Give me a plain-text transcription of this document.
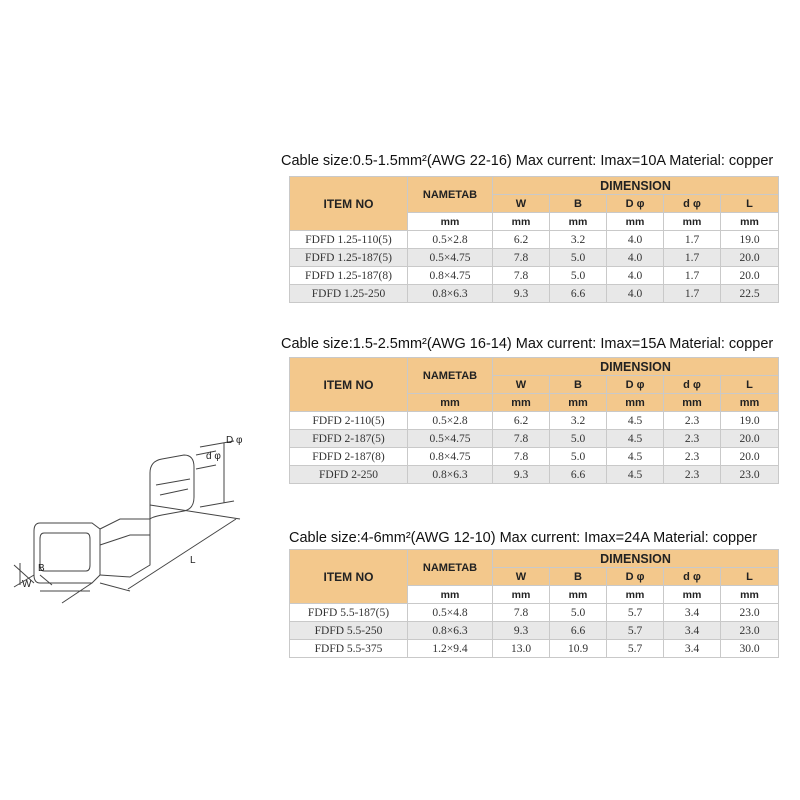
D φ
d φ
L
W
B
Cable size:0.5-1.5mm²(AWG 22-16) Max current: Imax=10A Material: copper
ITEM NO	NAMETAB	DIMENSION				
		W	B	D φ	d φ	L
	mm	mm	mm	mm	mm	mm
FDFD 1.25-110(5)	0.5×2.8	6.2	3.2	4.0	1.7	19.0
FDFD 1.25-187(5)	0.5×4.75	7.8	5.0	4.0	1.7	20.0
FDFD 1.25-187(8)	0.8×4.75	7.8	5.0	4.0	1.7	20.0
FDFD 1.25-250	0.8×6.3	9.3	6.6	4.0	1.7	22.5
Cable size:1.5-2.5mm²(AWG 16-14) Max current: Imax=15A Material: copper
ITEM NO	NAMETAB	DIMENSION				
		W	B	D φ	d φ	L
	mm	mm	mm	mm	mm	mm
FDFD 2-110(5)	0.5×2.8	6.2	3.2	4.5	2.3	19.0
FDFD 2-187(5)	0.5×4.75	7.8	5.0	4.5	2.3	20.0
FDFD 2-187(8)	0.8×4.75	7.8	5.0	4.5	2.3	20.0
FDFD 2-250	0.8×6.3	9.3	6.6	4.5	2.3	23.0
Cable size:4-6mm²(AWG 12-10) Max current: Imax=24A Material: copper
ITEM NO	NAMETAB	DIMENSION				
		W	B	D φ	d φ	L
	mm	mm	mm	mm	mm	mm
FDFD 5.5-187(5)	0.5×4.8	7.8	5.0	5.7	3.4	23.0
FDFD 5.5-250	0.8×6.3	9.3	6.6	5.7	3.4	23.0
FDFD 5.5-375	1.2×9.4	13.0	10.9	5.7	3.4	30.0
